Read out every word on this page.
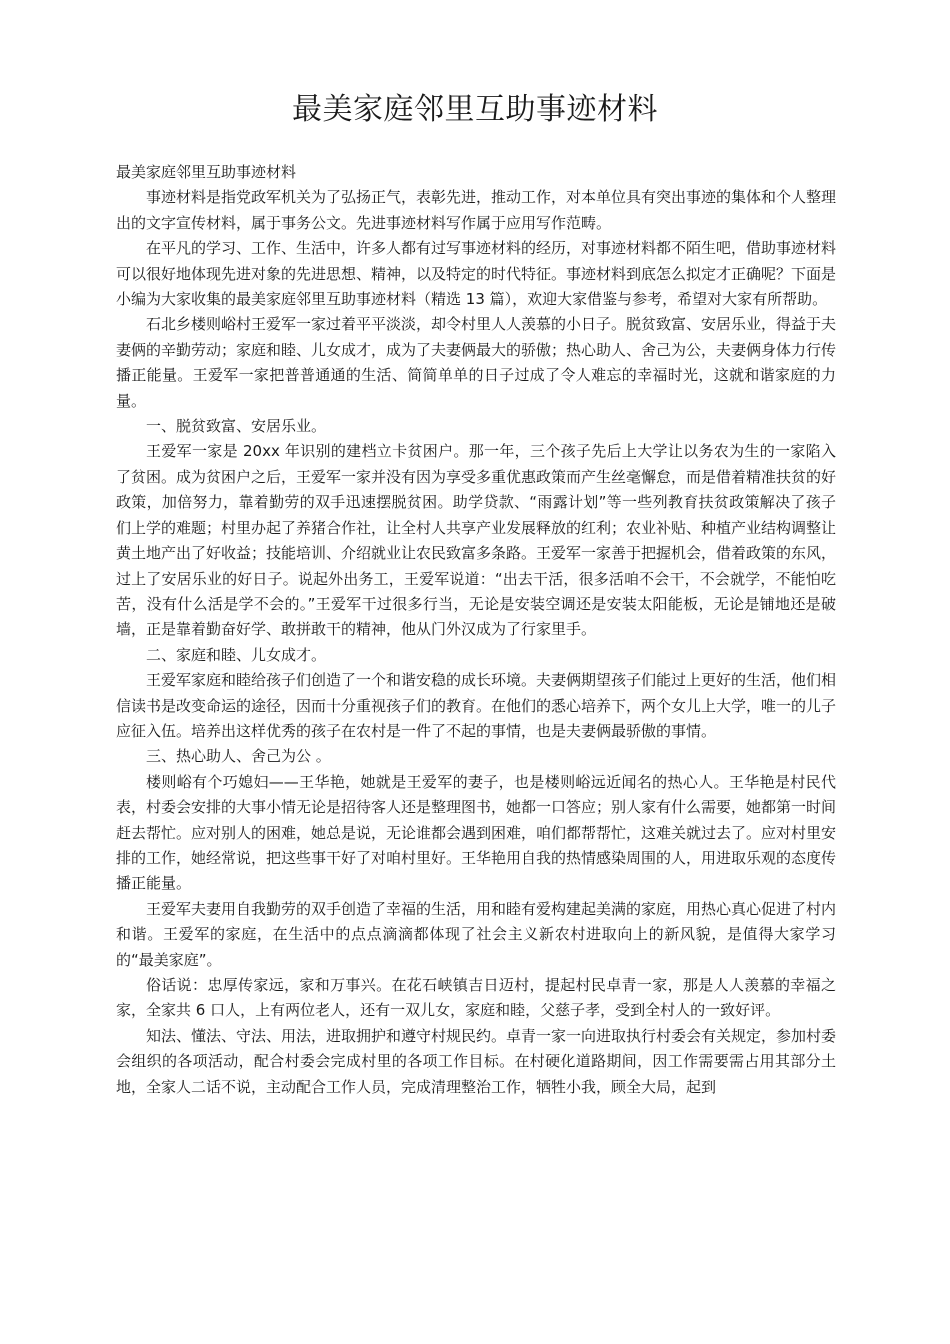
最美家庭邻里互助事迹材料

最美家庭邻里互助事迹材料

事迹材料是指党政军机关为了弘扬正气，表彰先进，推动工作，对本单位具有突出事迹的集体和个人整理出的文字宣传材料，属于事务公文。先进事迹材料写作属于应用写作范畴。

在平凡的学习、工作、生活中，许多人都有过写事迹材料的经历，对事迹材料都不陌生吧，借助事迹材料可以很好地体现先进对象的先进思想、精神，以及特定的时代特征。事迹材料到底怎么拟定才正确呢？下面是小编为大家收集的最美家庭邻里互助事迹材料（精选 13 篇），欢迎大家借鉴与参考，希望对大家有所帮助。

石北乡楼则峪村王爱军一家过着平平淡淡，却令村里人人羡慕的小日子。脱贫致富、安居乐业，得益于夫妻俩的辛勤劳动；家庭和睦、儿女成才，成为了夫妻俩最大的骄傲；热心助人、舍己为公，夫妻俩身体力行传播正能量。王爱军一家把普普通通的生活、简简单单的日子过成了令人难忘的幸福时光，这就和谐家庭的力量。

一、脱贫致富、安居乐业。

王爱军一家是 20xx 年识别的建档立卡贫困户。那一年，三个孩子先后上大学让以务农为生的一家陷入了贫困。成为贫困户之后，王爱军一家并没有因为享受多重优惠政策而产生丝毫懈怠，而是借着精准扶贫的好政策，加倍努力，靠着勤劳的双手迅速摆脱贫困。助学贷款、“雨露计划”等一些列教育扶贫政策解决了孩子们上学的难题；村里办起了养猪合作社，让全村人共享产业发展释放的红利；农业补贴、种植产业结构调整让黄土地产出了好收益；技能培训、介绍就业让农民致富多条路。王爱军一家善于把握机会，借着政策的东风，过上了安居乐业的好日子。说起外出务工，王爱军说道：“出去干活，很多活咱不会干，不会就学，不能怕吃苦，没有什么活是学不会的。”王爱军干过很多行当，无论是安装空调还是安装太阳能板，无论是铺地还是破墙，正是靠着勤奋好学、敢拼敢干的精神，他从门外汉成为了行家里手。

二、家庭和睦、儿女成才。

王爱军家庭和睦给孩子们创造了一个和谐安稳的成长环境。夫妻俩期望孩子们能过上更好的生活，他们相信读书是改变命运的途径，因而十分重视孩子们的教育。在他们的悉心培养下，两个女儿上大学，唯一的儿子应征入伍。培养出这样优秀的孩子在农村是一件了不起的事情，也是夫妻俩最骄傲的事情。

三、热心助人、舍己为公 。

楼则峪有个巧媳妇——王华艳，她就是王爱军的妻子，也是楼则峪远近闻名的热心人。王华艳是村民代表，村委会安排的大事小情无论是招待客人还是整理图书，她都一口答应；别人家有什么需要，她都第一时间赶去帮忙。应对别人的困难，她总是说，无论谁都会遇到困难，咱们都帮帮忙，这难关就过去了。应对村里安排的工作，她经常说，把这些事干好了对咱村里好。王华艳用自我的热情感染周围的人，用进取乐观的态度传播正能量。

王爱军夫妻用自我勤劳的双手创造了幸福的生活，用和睦有爱构建起美满的家庭，用热心真心促进了村内和谐。王爱军的家庭，在生活中的点点滴滴都体现了社会主义新农村进取向上的新风貌，是值得大家学习的“最美家庭”。

俗话说：忠厚传家远，家和万事兴。在花石峡镇吉日迈村，提起村民卓青一家，那是人人羡慕的幸福之家，全家共 6 口人，上有两位老人，还有一双儿女，家庭和睦，父慈子孝，受到全村人的一致好评。

知法、懂法、守法、用法，进取拥护和遵守村规民约。卓青一家一向进取执行村委会有关规定，参加村委会组织的各项活动，配合村委会完成村里的各项工作目标。在村硬化道路期间，因工作需要需占用其部分土地，全家人二话不说，主动配合工作人员，完成清理整治工作，牺牲小我，顾全大局，起到
